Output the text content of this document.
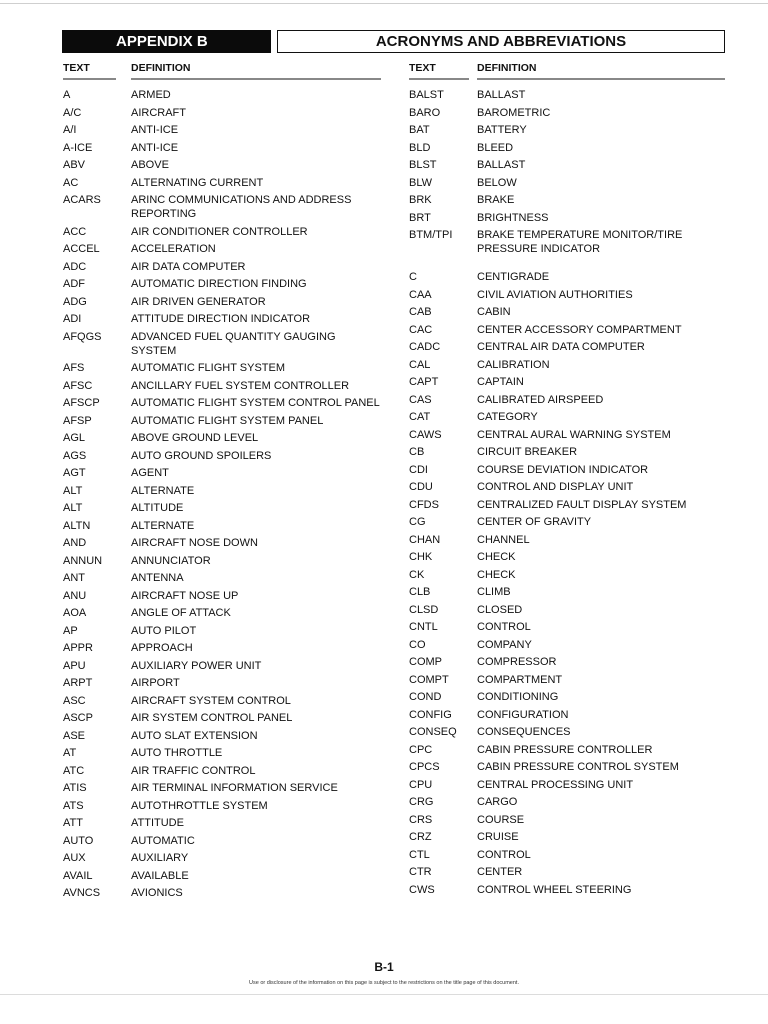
APPENDIX B	ACRONYMS AND ABBREVIATIONS
TEXT	DEFINITION
A	ARMED
A/C	AIRCRAFT
A/I	ANTI-ICE
A-ICE	ANTI-ICE
ABV	ABOVE
AC	ALTERNATING CURRENT
ACARS	ARINC COMMUNICATIONS AND ADDRESS REPORTING
ACC	AIR CONDITIONER CONTROLLER
ACCEL	ACCELERATION
ADC	AIR DATA COMPUTER
ADF	AUTOMATIC DIRECTION FINDING
ADG	AIR DRIVEN GENERATOR
ADI	ATTITUDE DIRECTION INDICATOR
AFQGS	ADVANCED FUEL QUANTITY GAUGING SYSTEM
AFS	AUTOMATIC FLIGHT SYSTEM
AFSC	ANCILLARY FUEL SYSTEM CONTROLLER
AFSCP	AUTOMATIC FLIGHT SYSTEM CONTROL PANEL
AFSP	AUTOMATIC FLIGHT SYSTEM PANEL
AGL	ABOVE GROUND LEVEL
AGS	AUTO GROUND SPOILERS
AGT	AGENT
ALT	ALTERNATE
ALT	ALTITUDE
ALTN	ALTERNATE
AND	AIRCRAFT NOSE DOWN
ANNUN	ANNUNCIATOR
ANT	ANTENNA
ANU	AIRCRAFT NOSE UP
AOA	ANGLE OF ATTACK
AP	AUTO PILOT
APPR	APPROACH
APU	AUXILIARY POWER UNIT
ARPT	AIRPORT
ASC	AIRCRAFT SYSTEM CONTROL
ASCP	AIR SYSTEM CONTROL PANEL
ASE	AUTO SLAT EXTENSION
AT	AUTO THROTTLE
ATC	AIR TRAFFIC CONTROL
ATIS	AIR TERMINAL INFORMATION SERVICE
ATS	AUTOTHROTTLE SYSTEM
ATT	ATTITUDE
AUTO	AUTOMATIC
AUX	AUXILIARY
AVAIL	AVAILABLE
AVNCS	AVIONICS
TEXT	DEFINITION
BALST	BALLAST
BARO	BAROMETRIC
BAT	BATTERY
BLD	BLEED
BLST	BALLAST
BLW	BELOW
BRK	BRAKE
BRT	BRIGHTNESS
BTM/TPI	BRAKE TEMPERATURE MONITOR/TIRE PRESSURE INDICATOR
C	CENTIGRADE
CAA	CIVIL AVIATION AUTHORITIES
CAB	CABIN
CAC	CENTER ACCESSORY COMPARTMENT
CADC	CENTRAL AIR DATA COMPUTER
CAL	CALIBRATION
CAPT	CAPTAIN
CAS	CALIBRATED AIRSPEED
CAT	CATEGORY
CAWS	CENTRAL AURAL WARNING SYSTEM
CB	CIRCUIT BREAKER
CDI	COURSE DEVIATION INDICATOR
CDU	CONTROL AND DISPLAY UNIT
CFDS	CENTRALIZED FAULT DISPLAY SYSTEM
CG	CENTER OF GRAVITY
CHAN	CHANNEL
CHK	CHECK
CK	CHECK
CLB	CLIMB
CLSD	CLOSED
CNTL	CONTROL
CO	COMPANY
COMP	COMPRESSOR
COMPT	COMPARTMENT
COND	CONDITIONING
CONFIG	CONFIGURATION
CONSEQ	CONSEQUENCES
CPC	CABIN PRESSURE CONTROLLER
CPCS	CABIN PRESSURE CONTROL SYSTEM
CPU	CENTRAL PROCESSING UNIT
CRG	CARGO
CRS	COURSE
CRZ	CRUISE
CTL	CONTROL
CTR	CENTER
CWS	CONTROL WHEEL STEERING
B-1
Use or disclosure of the information on this page is subject to the restrictions on the title page of this document.
